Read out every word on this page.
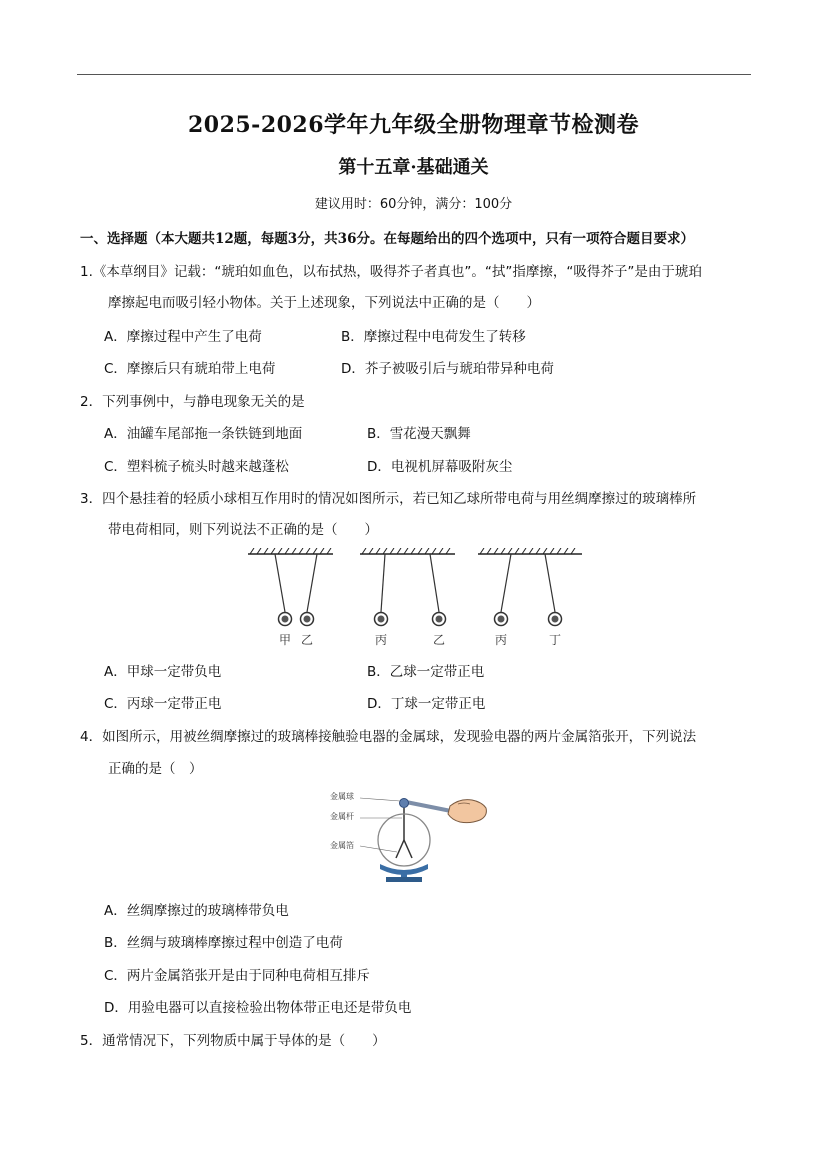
2025-2026学年九年级全册物理章节检测卷
第十五章·基础通关
建议用时：60分钟，满分：100分
一、选择题（本大题共12题，每题3分，共36分。在每题给出的四个选项中，只有一项符合题目要求）
1.《本草纲目》记载：“琥珀如血色，以布拭热，吸得芥子者真也”。“拭”指摩擦，“吸得芥子”是由于琥珀
摩擦起电而吸引轻小物体。关于上述现象，下列说法中正确的是（　　）
A．摩擦过程中产生了电荷	B．摩擦过程中电荷发生了转移
C．摩擦后只有琥珀带上电荷	D．芥子被吸引后与琥珀带异种电荷
2．下列事例中，与静电现象无关的是
A．油罐车尾部拖一条铁链到地面	B．雪花漫天飘舞
C．塑料梳子梳头时越来越蓬松	D．电视机屏幕吸附灰尘
3．四个悬挂着的轻质小球相互作用时的情况如图所示，若已知乙球所带电荷与用丝绸摩擦过的玻璃棒所
带电荷相同，则下列说法不正确的是（　　）
甲 乙	丙	乙	丙	丁
A．甲球一定带负电	B．乙球一定带正电
C．丙球一定带正电	D．丁球一定带正电
4．如图所示，用被丝绸摩擦过的玻璃棒接触验电器的金属球，发现验电器的两片金属箔张开，下列说法
正确的是（　）
金属球
金属杆
金属箔
A．丝绸摩擦过的玻璃棒带负电
B．丝绸与玻璃棒摩擦过程中创造了电荷
C．两片金属箔张开是由于同种电荷相互排斥
D．用验电器可以直接检验出物体带正电还是带负电
5．通常情况下，下列物质中属于导体的是（　　）
